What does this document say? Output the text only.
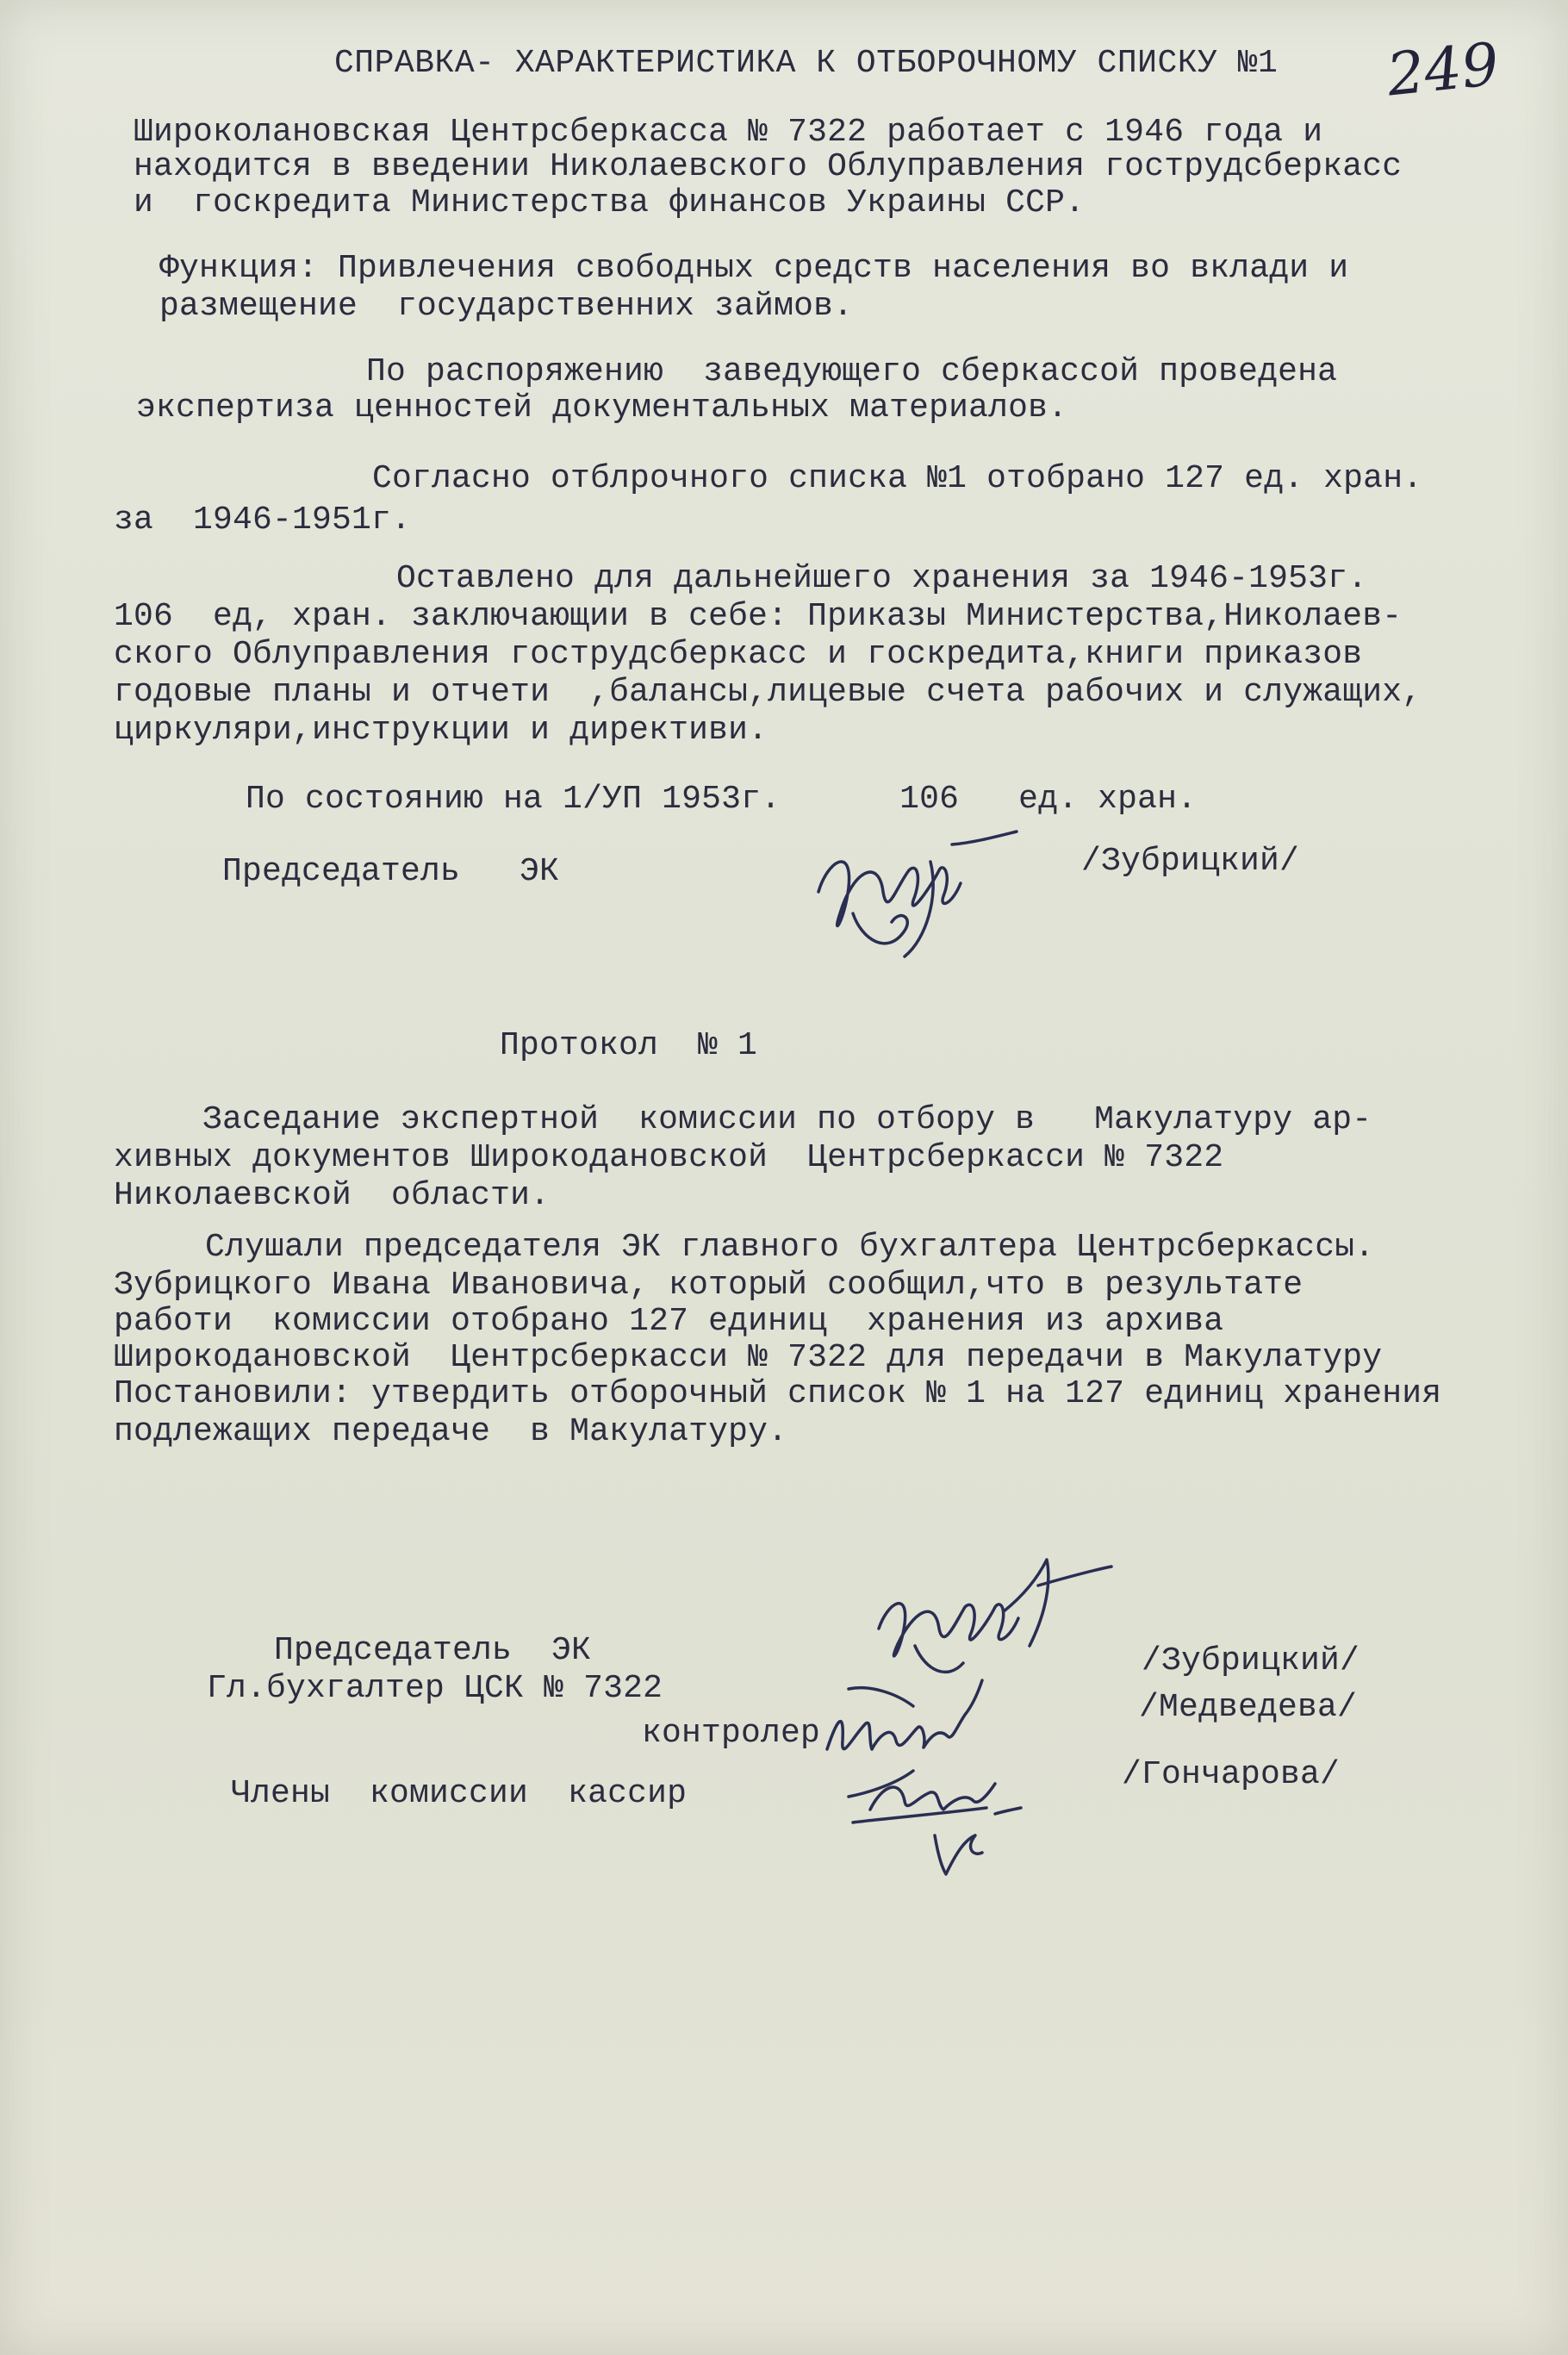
249
СПРАВКА- ХАРАКТЕРИСТИКА К ОТБОРОЧНОМУ СПИСКУ №1
Широколановская Центрсберкасса № 7322 работает с 1946 года и
находится в введении Николаевского Облуправления гострудсберкасс
и  госкредита Министерства финансов Украины ССР.
Функция: Привлечения свободных средств населения во вклади и
размещение  государственних займов.
По распоряжению  заведующего сберкассой проведена
экспертиза ценностей документальных материалов.
Согласно отблрочного списка №1 отобрано 127 ед. хран.
за  1946-1951г.
Оставлено для дальнейшего хранения за 1946-1953г.
106  ед, хран. заключающии в себе: Приказы Министерства,Николаев-
ского Облуправления гострудсберкасс и госкредита,книги приказов
годовые планы и отчети  ,балансы,лицевые счета рабочих и служащих,
циркуляри,инструкции и директиви.
По состоянию на 1/УП 1953г.      106   ед. хран.
Председатель   ЭК	/Зубрицкий/
Протокол  № 1
Заседание экспертной  комиссии по отбору в   Макулатуру ар-
хивных документов Широкодановской  Центрсберкасси № 7322
Николаевской  области.
Слушали председателя ЭК главного бухгалтера Центрсберкассы.
Зубрицкого Ивана Ивановича, который сообщил,что в результате
работи  комиссии отобрано 127 единиц  хранения из архива
Широкодановской  Центрсберкасси № 7322 для передачи в Макулатуру
Постановили: утвердить отборочный список № 1 на 127 единиц хранения
подлежащих передаче  в Макулатуру.
Председатель  ЭК
Гл.бухгалтер ЦСК № 7322
контролер
Члены  комиссии  кассир
/Зубрицкий/
/Медведева/
/Гончарова/
